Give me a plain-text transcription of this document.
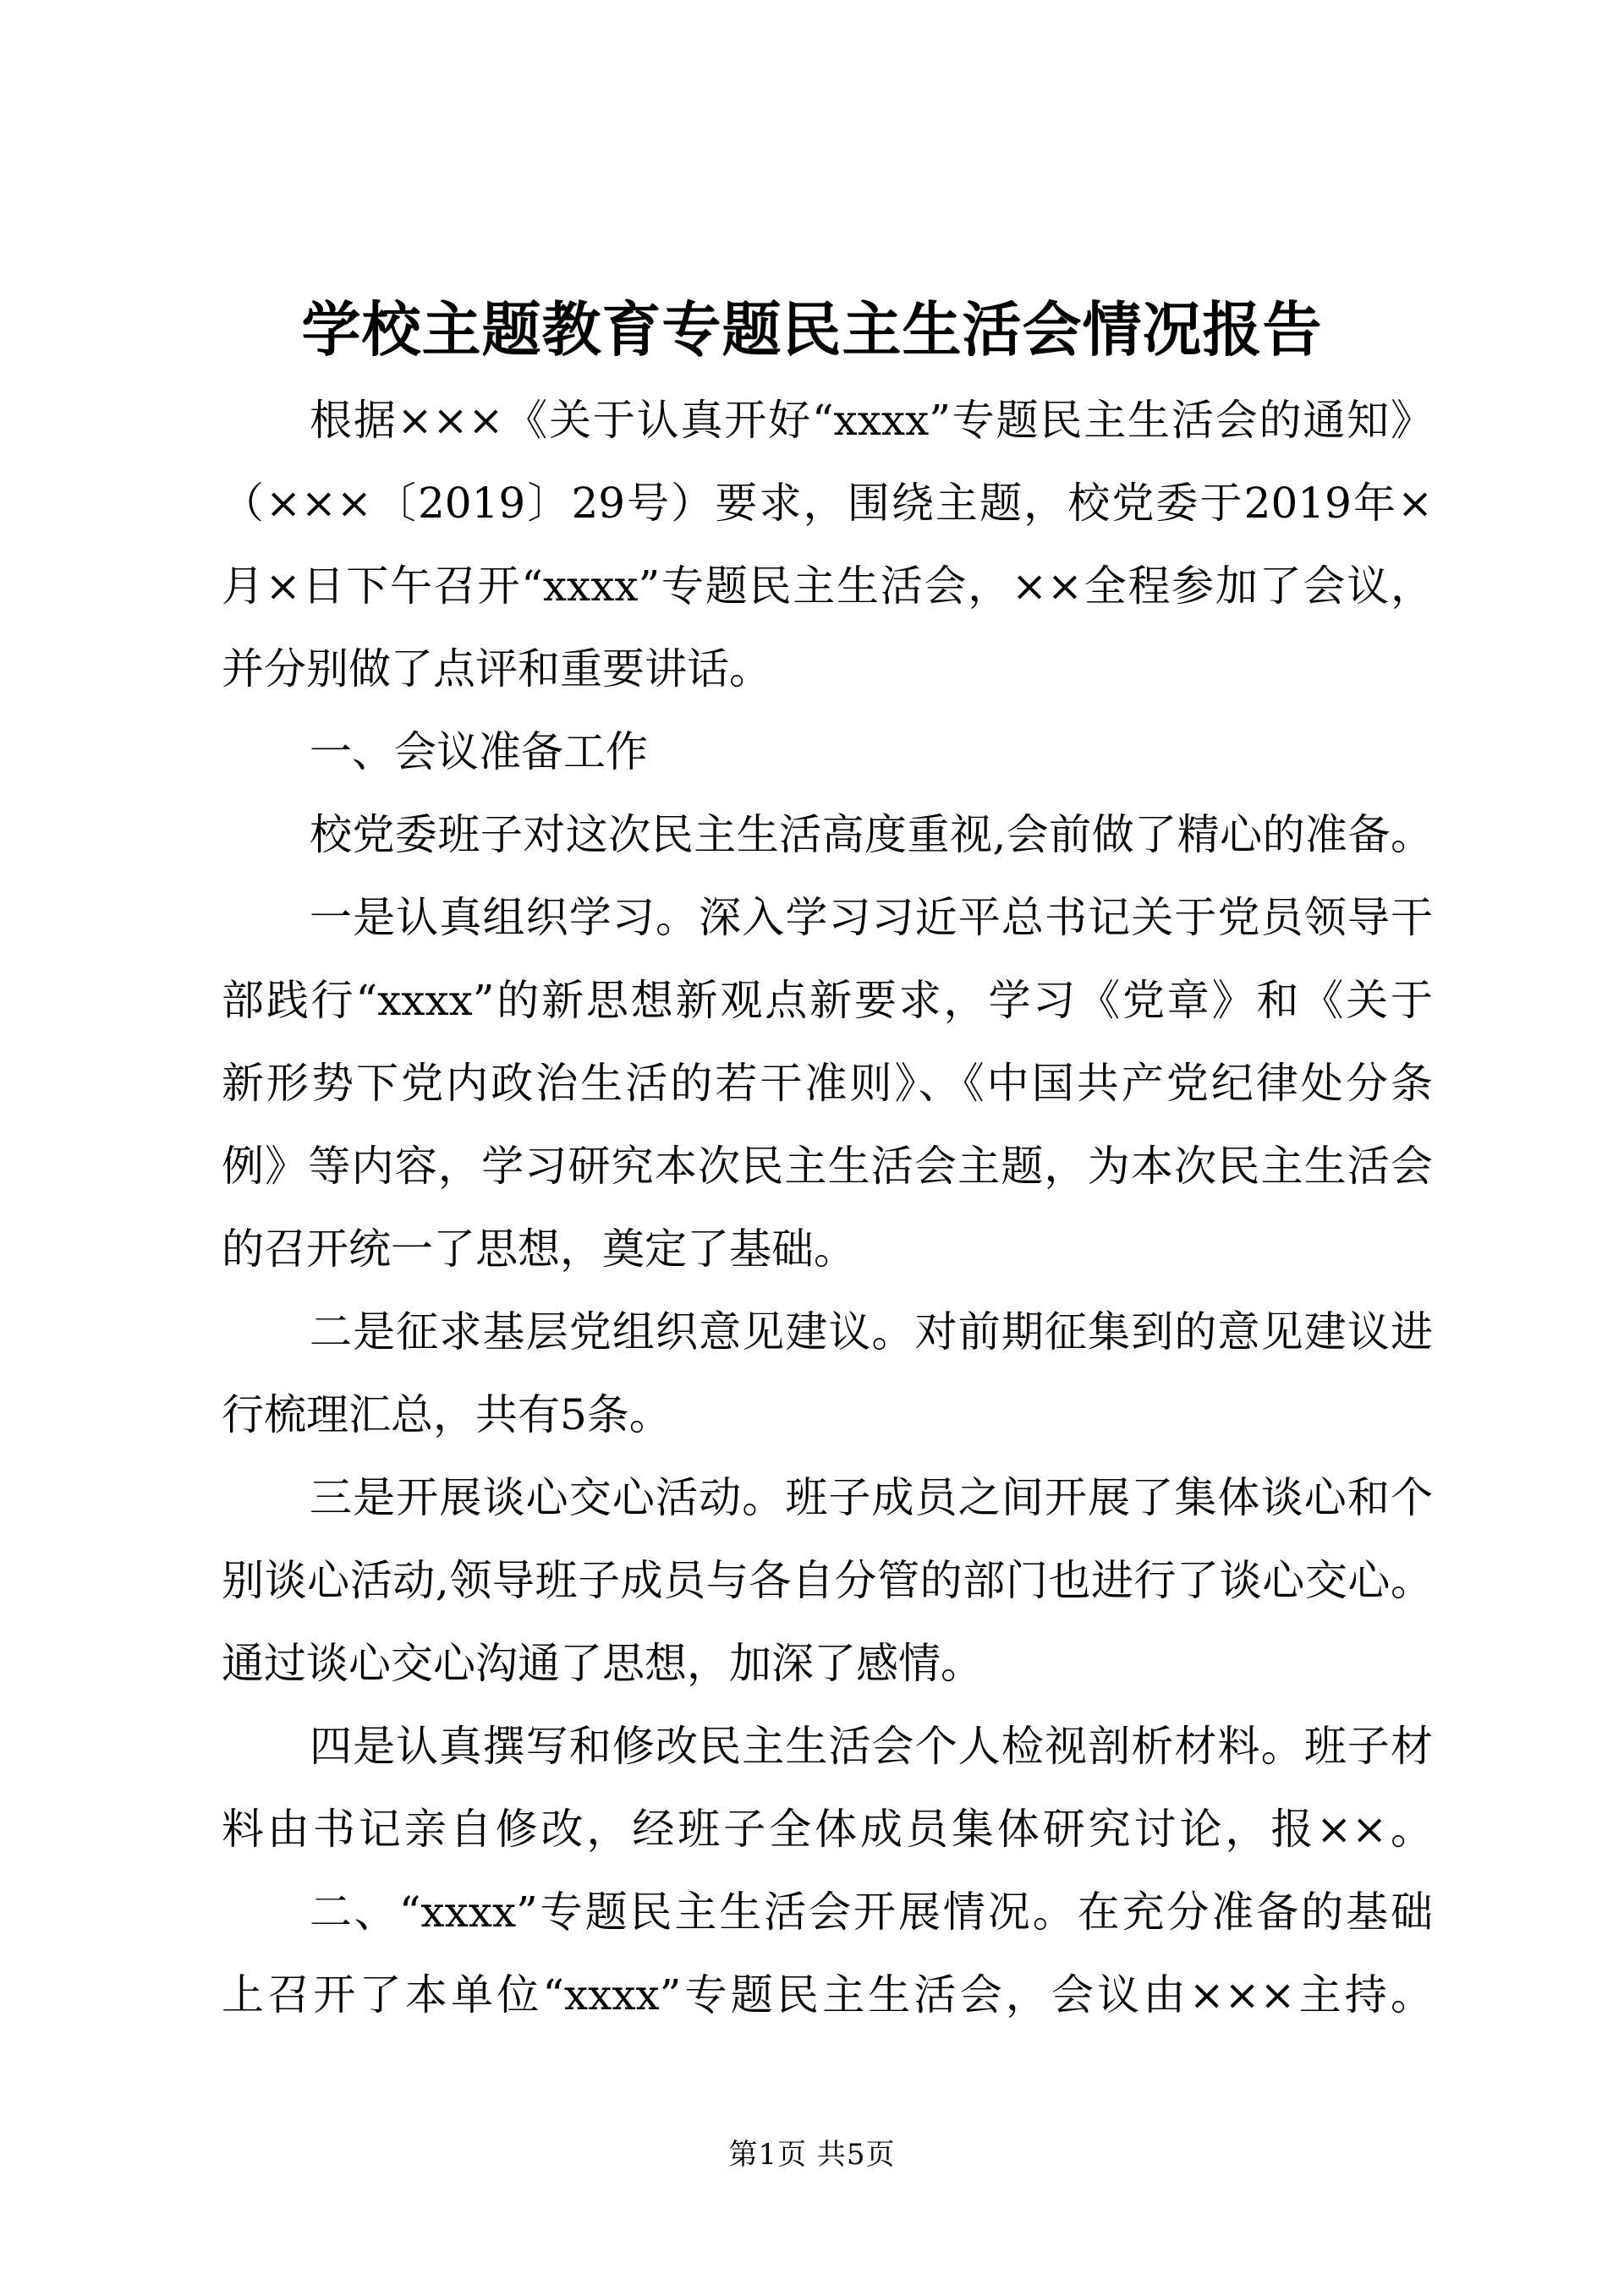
学校主题教育专题民主生活会情况报告
根据×××《关于认真开好“xxxx”专题民主生活会的通知》
（×××〔2019〕29号）要求，围绕主题，校党委于2019年×
月×日下午召开“xxxx”专题民主生活会，××全程参加了会议，
并分别做了点评和重要讲话。
一、会议准备工作
校党委班子对这次民主生活高度重视,会前做了精心的准备。
一是认真组织学习。深入学习习近平总书记关于党员领导干
部践行“xxxx”的新思想新观点新要求，学习《党章》和《关于
新形势下党内政治生活的若干准则》、《中国共产党纪律处分条
例》等内容，学习研究本次民主生活会主题，为本次民主生活会
的召开统一了思想，奠定了基础。
二是征求基层党组织意见建议。对前期征集到的意见建议进
行梳理汇总，共有5条。
三是开展谈心交心活动。班子成员之间开展了集体谈心和个
别谈心活动,领导班子成员与各自分管的部门也进行了谈心交心。
通过谈心交心沟通了思想，加深了感情。
四是认真撰写和修改民主生活会个人检视剖析材料。班子材
料由书记亲自修改，经班子全体成员集体研究讨论，报××。
二、“xxxx”专题民主生活会开展情况。在充分准备的基础
上召开了本单位“xxxx”专题民主生活会，会议由×××主持。
第1页 共5页
